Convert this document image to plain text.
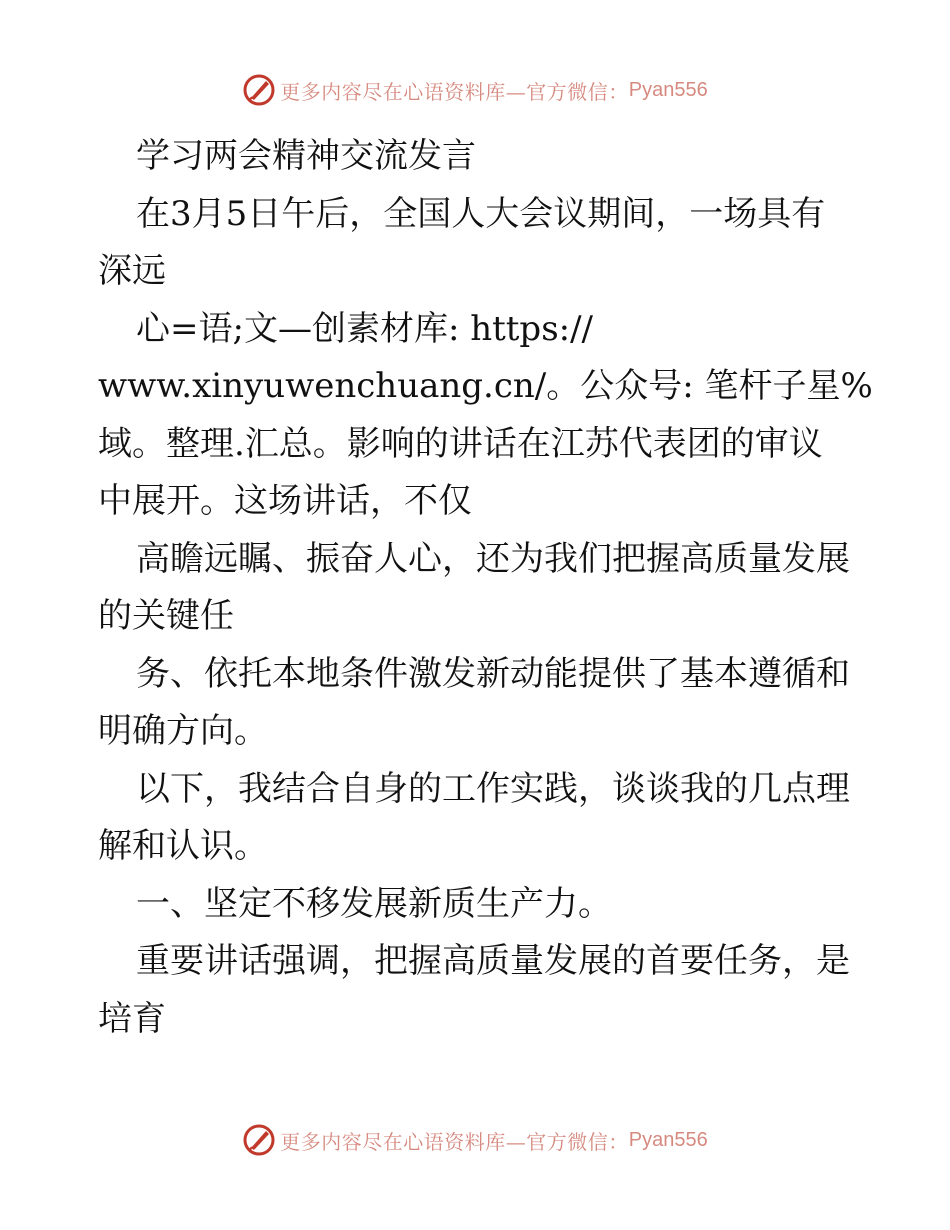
更多内容尽在心语资料库—官方微信： Pyan556

学习两会精神交流发言

在3月5日午后，全国人大会议期间，一场具有

深远

心=语;文—创素材库: https://

www.xinyuwenchuang.cn/。公众号: 笔杆子星%

域。整理.汇总。影响的讲话在江苏代表团的审议

中展开。这场讲话，不仅

高瞻远瞩、振奋人心，还为我们把握高质量发展

的关键任

务、依托本地条件激发新动能提供了基本遵循和

明确方向。

以下，我结合自身的工作实践，谈谈我的几点理

解和认识。

一、坚定不移发展新质生产力。

重要讲话强调，把握高质量发展的首要任务，是

培育

更多内容尽在心语资料库—官方微信： Pyan556
